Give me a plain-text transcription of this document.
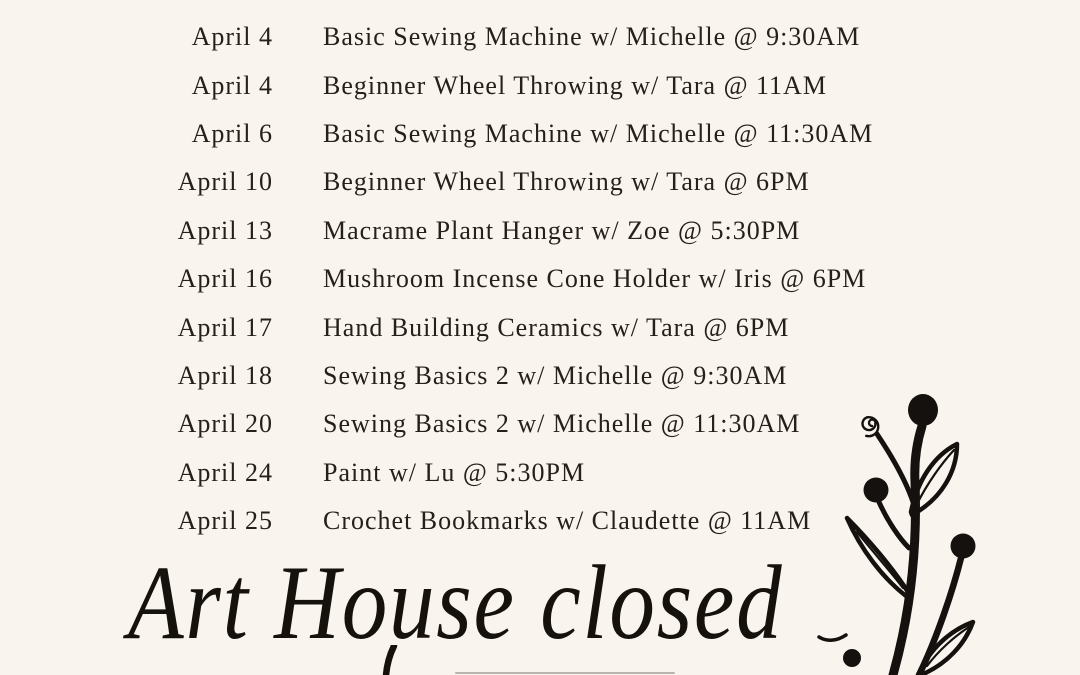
April 4 Basic Sewing Machine w/ Michelle @ 9:30AM
April 4 Beginner Wheel Throwing w/ Tara @ 11AM
April 6 Basic Sewing Machine w/ Michelle @ 11:30AM
April 10 Beginner Wheel Throwing w/ Tara @ 6PM
April 13 Macrame Plant Hanger w/ Zoe @ 5:30PM
April 16 Mushroom Incense Cone Holder w/ Iris @ 6PM
April 17 Hand Building Ceramics w/ Tara @ 6PM
April 18 Sewing Basics 2 w/ Michelle @ 9:30AM
April 20 Sewing Basics 2 w/ Michelle @ 11:30AM
April 24 Paint w/ Lu @ 5:30PM
April 25 Crochet Bookmarks w/ Claudette @ 11AM
Art House closed
